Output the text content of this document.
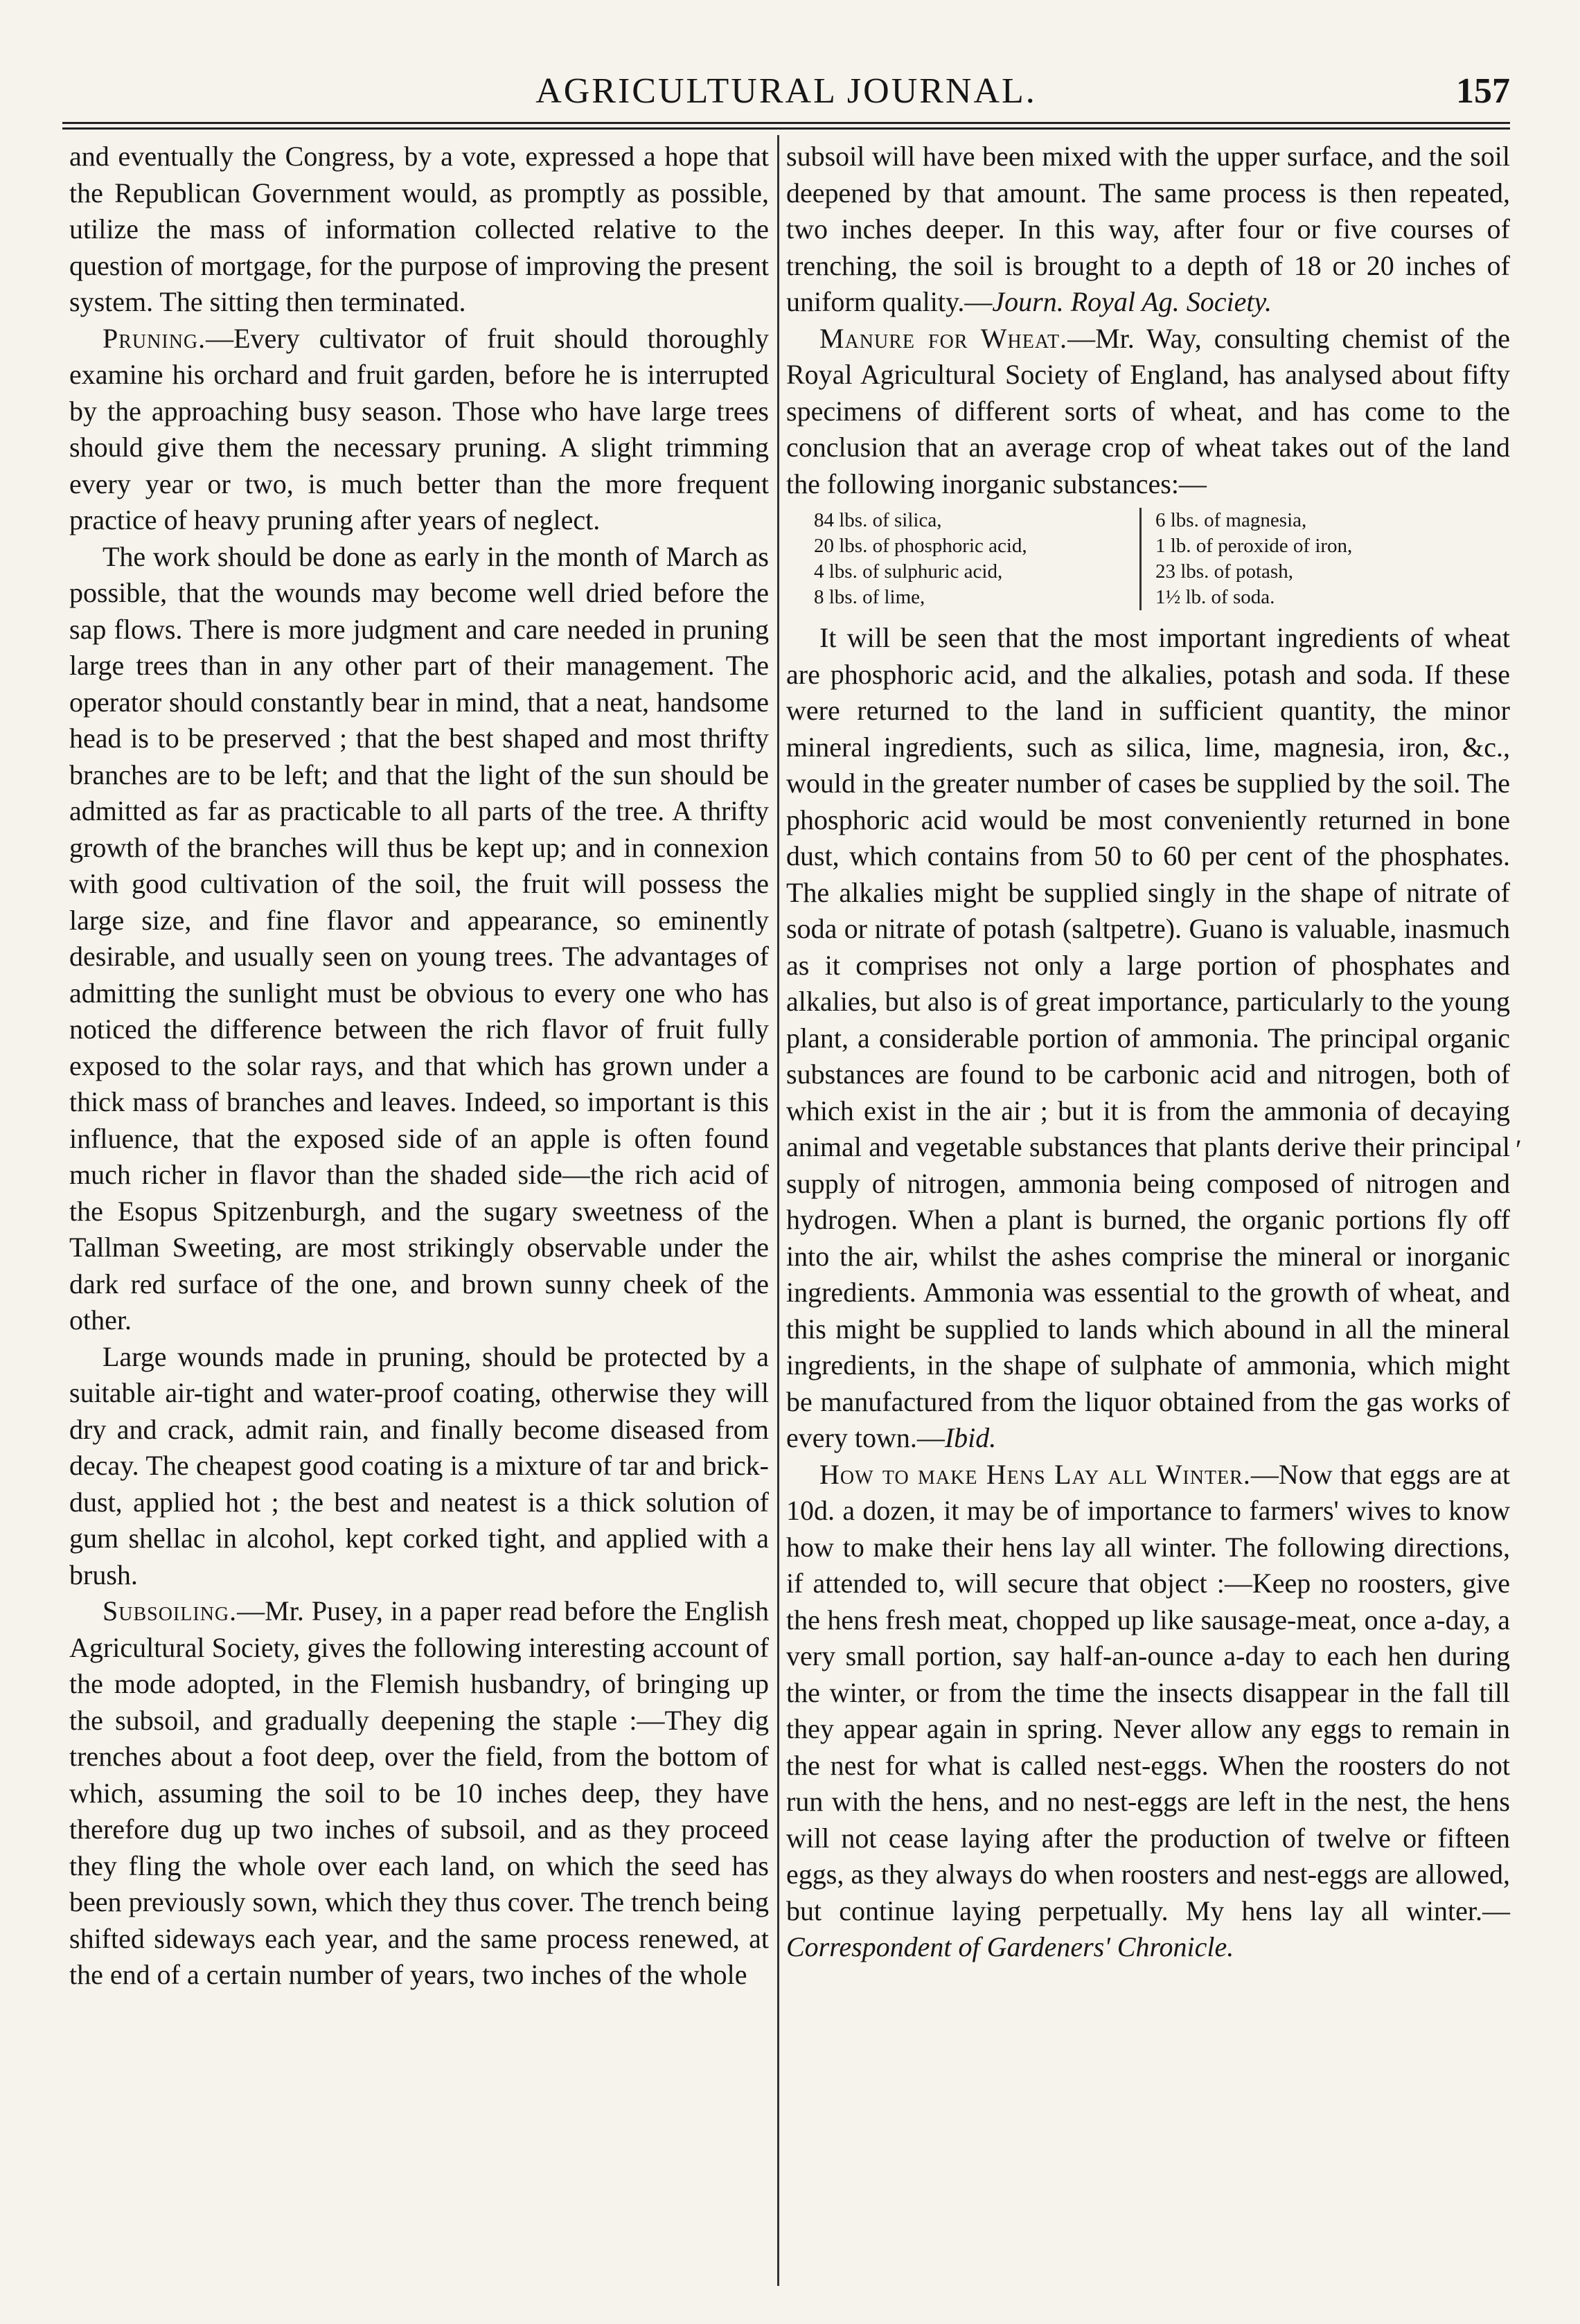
AGRICULTURAL JOURNAL.	157

and eventually the Congress, by a vote, expressed a hope that the Republican Government would, as promptly as possible, utilize the mass of information collected relative to the question of mortgage, for the purpose of improving the present system. The sitting then terminated.

Pruning.—Every cultivator of fruit should thoroughly examine his orchard and fruit garden, before he is interrupted by the approaching busy season. Those who have large trees should give them the necessary pruning. A slight trimming every year or two, is much better than the more frequent practice of heavy pruning after years of neglect.

The work should be done as early in the month of March as possible, that the wounds may become well dried before the sap flows. There is more judgment and care needed in pruning large trees than in any other part of their management. The operator should constantly bear in mind, that a neat, handsome head is to be preserved ; that the best shaped and most thrifty branches are to be left; and that the light of the sun should be admitted as far as practicable to all parts of the tree. A thrifty growth of the branches will thus be kept up; and in connexion with good cultivation of the soil, the fruit will possess the large size, and fine flavor and appearance, so eminently desirable, and usually seen on young trees. The advantages of admitting the sunlight must be obvious to every one who has noticed the difference between the rich flavor of fruit fully exposed to the solar rays, and that which has grown under a thick mass of branches and leaves. Indeed, so important is this influence, that the exposed side of an apple is often found much richer in flavor than the shaded side—the rich acid of the Esopus Spitzenburgh, and the sugary sweetness of the Tallman Sweeting, are most strikingly observable under the dark red surface of the one, and brown sunny cheek of the other.

Large wounds made in pruning, should be protected by a suitable air-tight and water-proof coating, otherwise they will dry and crack, admit rain, and finally become diseased from decay. The cheapest good coating is a mixture of tar and brick-dust, applied hot ; the best and neatest is a thick solution of gum shellac in alcohol, kept corked tight, and applied with a brush.

Subsoiling.—Mr. Pusey, in a paper read before the English Agricultural Society, gives the following interesting account of the mode adopted, in the Flemish husbandry, of bringing up the subsoil, and gradually deepening the staple :—They dig trenches about a foot deep, over the field, from the bottom of which, assuming the soil to be 10 inches deep, they have therefore dug up two inches of subsoil, and as they proceed they fling the whole over each land, on which the seed has been previously sown, which they thus cover. The trench being shifted sideways each year, and the same process renewed, at the end of a certain number of years, two inches of the whole

subsoil will have been mixed with the upper surface, and the soil deepened by that amount. The same process is then repeated, two inches deeper. In this way, after four or five courses of trenching, the soil is brought to a depth of 18 or 20 inches of uniform quality.—Journ. Royal Ag. Society.

Manure for Wheat.—Mr. Way, consulting chemist of the Royal Agricultural Society of England, has analysed about fifty specimens of different sorts of wheat, and has come to the conclusion that an average crop of wheat takes out of the land the following inorganic substances:—

84 lbs. of silica,
20 lbs. of phosphoric acid,
4 lbs. of sulphuric acid,
8 lbs. of lime,
6 lbs. of magnesia,
1 lb. of peroxide of iron,
23 lbs. of potash,
1½ lb. of soda.

It will be seen that the most important ingredients of wheat are phosphoric acid, and the alkalies, potash and soda. If these were returned to the land in sufficient quantity, the minor mineral ingredients, such as silica, lime, magnesia, iron, &c., would in the greater number of cases be supplied by the soil. The phosphoric acid would be most conveniently returned in bone dust, which contains from 50 to 60 per cent of the phosphates. The alkalies might be supplied singly in the shape of nitrate of soda or nitrate of potash (saltpetre). Guano is valuable, inasmuch as it comprises not only a large portion of phosphates and alkalies, but also is of great importance, particularly to the young plant, a considerable portion of ammonia. The principal organic substances are found to be carbonic acid and nitrogen, both of which exist in the air ; but it is from the ammonia of decaying animal and vegetable substances that plants derive their principal supply of nitrogen, ammonia being composed of nitrogen and hydrogen. When a plant is burned, the organic portions fly off into the air, whilst the ashes comprise the mineral or inorganic ingredients. Ammonia was essential to the growth of wheat, and this might be supplied to lands which abound in all the mineral ingredients, in the shape of sulphate of ammonia, which might be manufactured from the liquor obtained from the gas works of every town.—Ibid.

How to make Hens Lay all Winter.—Now that eggs are at 10d. a dozen, it may be of importance to farmers' wives to know how to make their hens lay all winter. The following directions, if attended to, will secure that object :—Keep no roosters, give the hens fresh meat, chopped up like sausage-meat, once a-day, a very small portion, say half-an-ounce a-day to each hen during the winter, or from the time the insects disappear in the fall till they appear again in spring. Never allow any eggs to remain in the nest for what is called nest-eggs. When the roosters do not run with the hens, and no nest-eggs are left in the nest, the hens will not cease laying after the production of twelve or fifteen eggs, as they always do when roosters and nest-eggs are allowed, but continue laying perpetually. My hens lay all winter.—Correspondent of Gardeners' Chronicle.

′
